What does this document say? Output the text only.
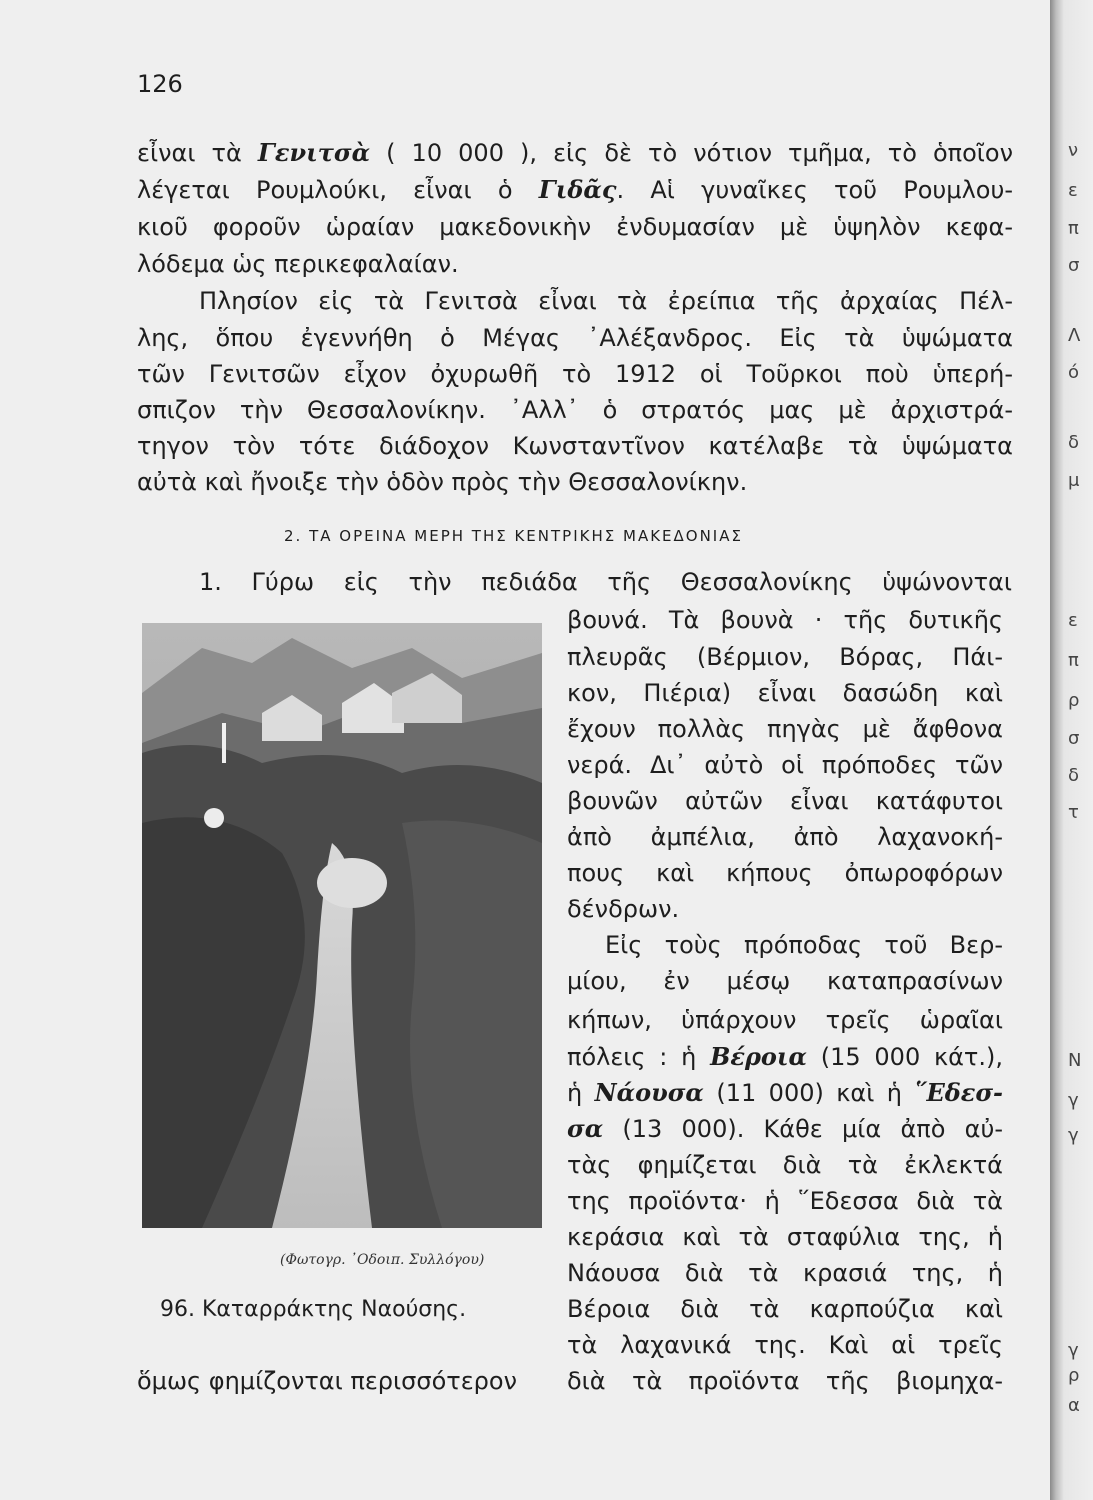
126
εἶναι τὰ Γενιτσὰ ( 10 000 ), εἰς δὲ τὸ νότιον τμῆμα, τὸ ὁποῖον
λέγεται Ρουμλούκι, εἶναι ὁ Γιδᾶς. Αἱ γυναῖκες τοῦ Ρουμλου-
κιοῦ φοροῦν ὡραίαν μακεδονικὴν ἐνδυμασίαν μὲ ὑψηλὸν κεφα-
λόδεμα ὡς περικεφαλαίαν.
Πλησίον εἰς τὰ Γενιτσὰ εἶναι τὰ ἐρείπια τῆς ἀρχαίας Πέλ-
λης, ὅπου ἐγεννήθη ὁ Μέγας ᾿Αλέξανδρος. Εἰς τὰ ὑψώματα
τῶν Γενιτσῶν εἶχον ὀχυρωθῆ τὸ 1912 οἱ Τοῦρκοι ποὺ ὑπερή-
σπιζον τὴν Θεσσαλονίκην. ᾿Αλλ᾿ ὁ στρατός μας μὲ ἀρχιστρά-
τηγον τὸν τότε διάδοχον Κωνσταντῖνον κατέλαβε τὰ ὑψώματα
αὐτὰ καὶ ἤνοιξε τὴν ὁδὸν πρὸς τὴν Θεσσαλονίκην.
2. ΤΑ ΟΡΕΙΝΑ ΜΕΡΗ ΤΗΣ ΚΕΝΤΡΙΚΗΣ ΜΑΚΕΔΟΝΙΑΣ
1. Γύρω εἰς τὴν πεδιάδα τῆς Θεσσαλονίκης ὑψώνονται
βουνά. Τὰ βουνὰ · τῆς δυτικῆς
πλευρᾶς (Βέρμιον, Βόρας, Πάι-
κον, Πιέρια) εἶναι δασώδη καὶ
ἔχουν πολλὰς πηγὰς μὲ ἄφθονα
νερά. Δι᾿ αὐτὸ οἱ πρόποδες τῶν
βουνῶν αὐτῶν εἶναι κατάφυτοι
ἀπὸ ἀμπέλια, ἀπὸ λαχανοκή-
πους καὶ κήπους ὀπωροφόρων
δένδρων.
Εἰς τοὺς πρόποδας τοῦ Βερ-
μίου, ἐν μέσῳ καταπρασίνων
κήπων, ὑπάρχουν τρεῖς ὡραῖαι
πόλεις : ἡ Βέροια (15 000 κάτ.),
ἡ Νάουσα (11 000) καὶ ἡ ῞Εδεσ-
σα (13 000). Κάθε μία ἀπὸ αὐ-
τὰς φημίζεται διὰ τὰ ἐκλεκτά
της προϊόντα· ἡ ῞Εδεσσα διὰ τὰ
κεράσια καὶ τὰ σταφύλια της, ἡ
Νάουσα διὰ τὰ κρασιά της, ἡ
Βέροια διὰ τὰ καρπούζια καὶ
τὰ λαχανικά της. Καὶ αἱ τρεῖς
ὅμως φημίζονται περισσότερον διὰ τὰ προϊόντα τῆς βιομηχα-
(Φωτογρ. ᾿Οδοιπ. Συλλόγου)
96. Καταρράκτης Ναούσης.
ν
ε
π
σ
Λ
ό
δ
μ
ε
π
ρ
σ
δ
τ
Ν
γ
γ
γ
ρ
α
